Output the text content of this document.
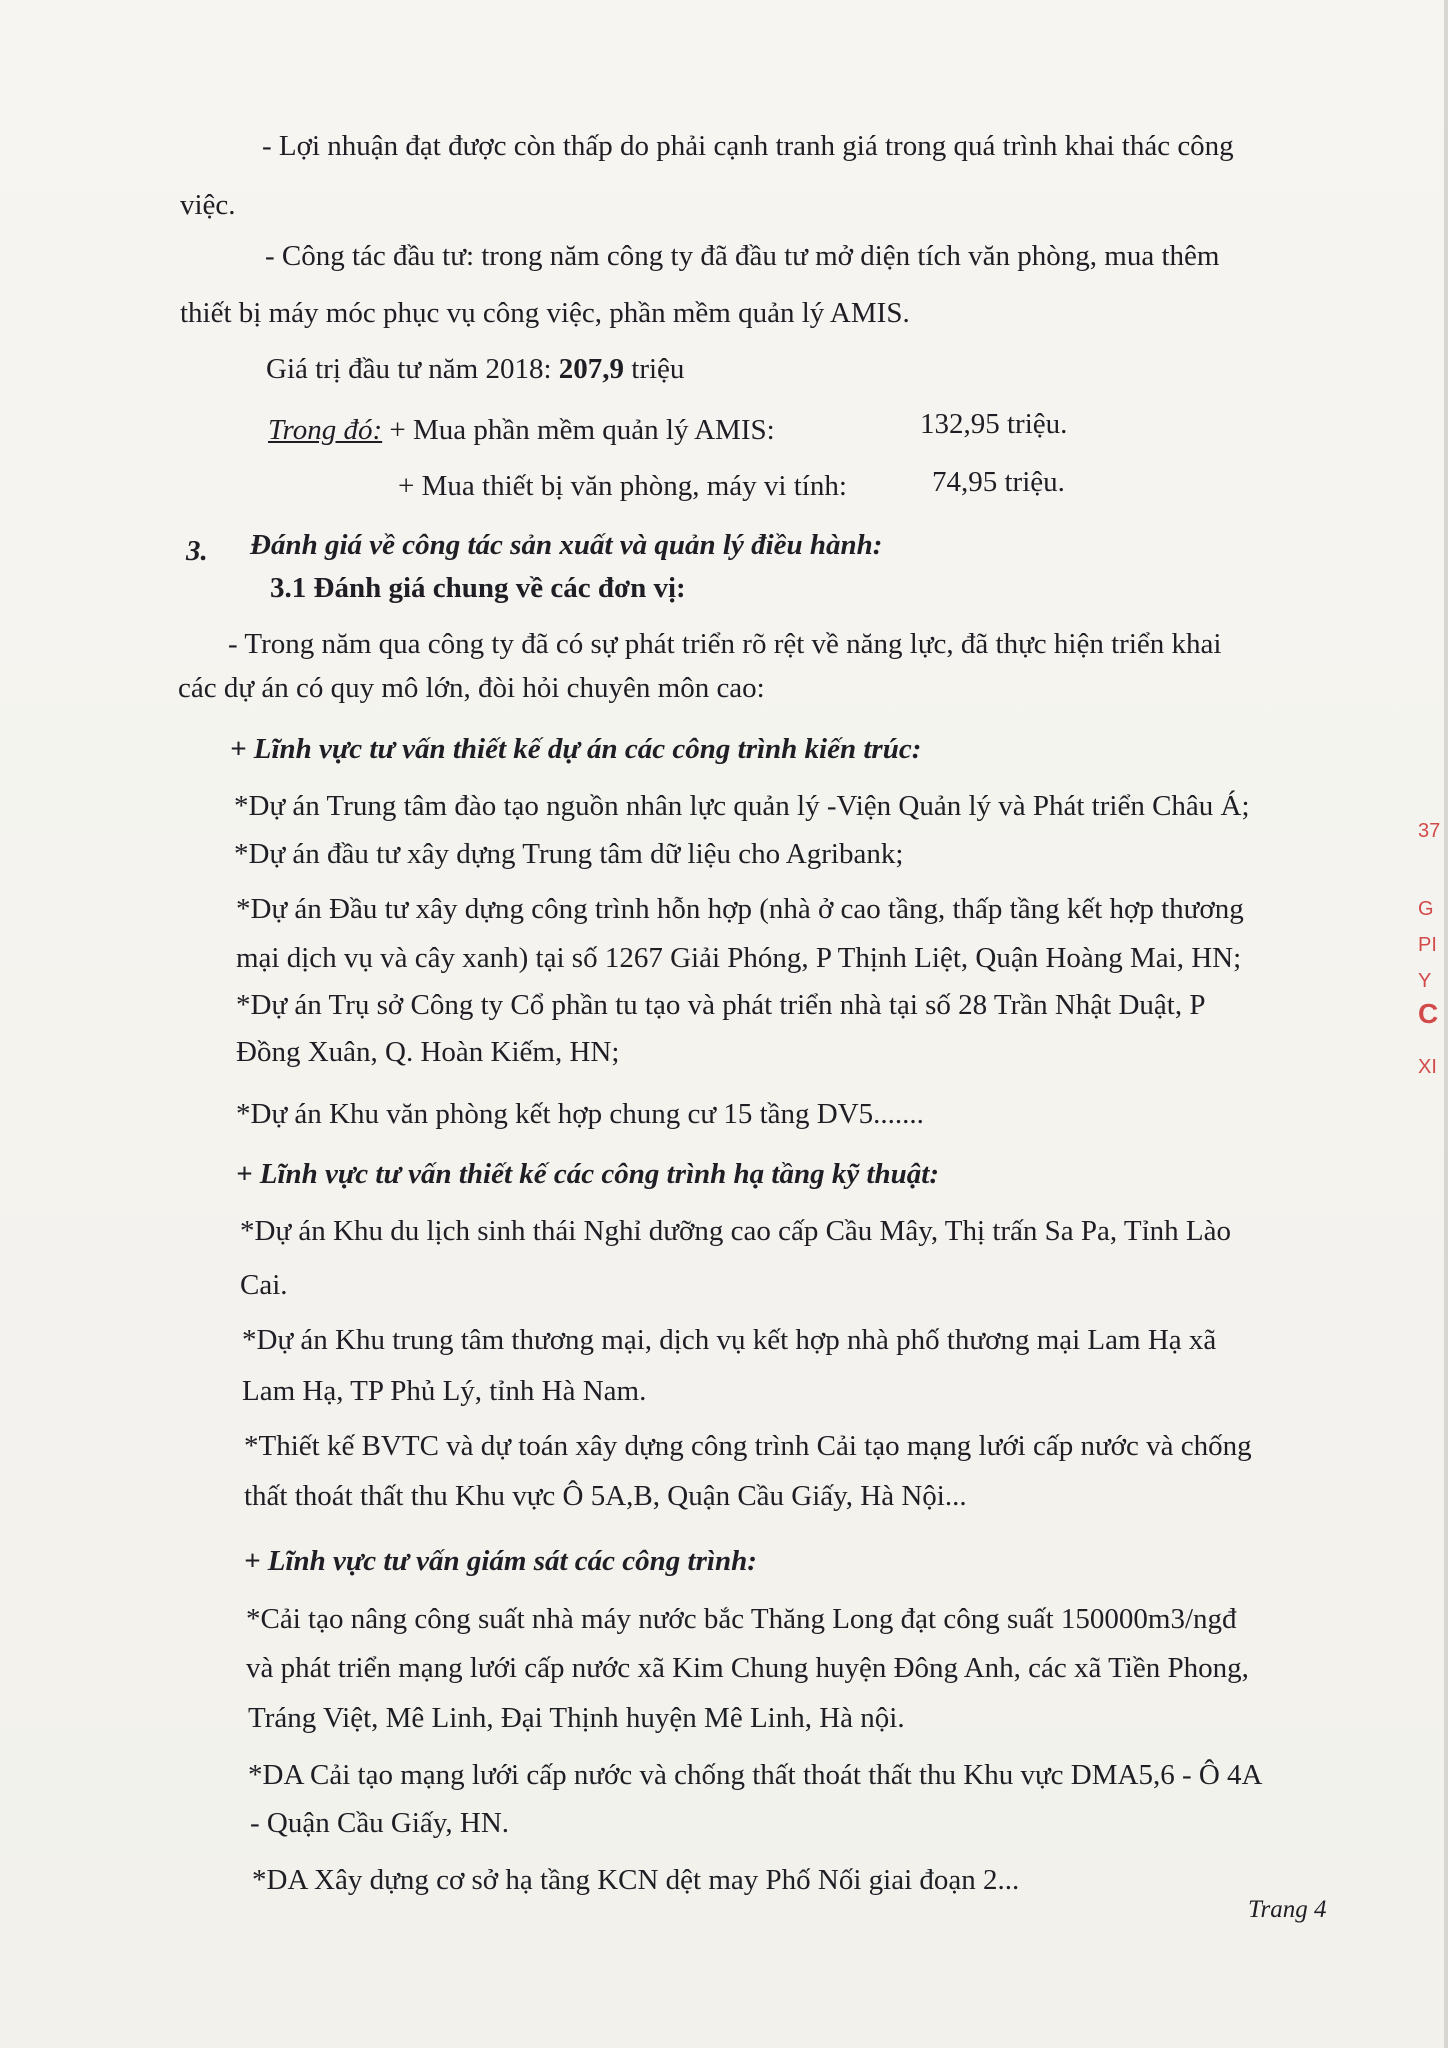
- Lợi nhuận đạt được còn thấp do phải cạnh tranh giá trong quá trình khai thác công
việc.
- Công tác đầu tư: trong năm công ty đã đầu tư mở diện tích văn phòng, mua thêm
thiết bị máy móc phục vụ công việc, phần mềm quản lý AMIS.
Giá trị đầu tư năm 2018: 207,9 triệu
Trong đó: + Mua phần mềm quản lý AMIS:	132,95 triệu.
+ Mua thiết bị văn phòng, máy vi tính:	74,95 triệu.
3. Đánh giá về công tác sản xuất và quản lý điều hành:
3.1 Đánh giá chung về các đơn vị:
- Trong năm qua công ty đã có sự phát triển rõ rệt về năng lực, đã thực hiện triển khai
các dự án có quy mô lớn, đòi hỏi chuyên môn cao:
+ Lĩnh vực tư vấn thiết kế dự án các công trình kiến trúc:
*Dự án Trung tâm đào tạo nguồn nhân lực quản lý -Viện Quản lý và Phát triển Châu Á;
*Dự án đầu tư xây dựng Trung tâm dữ liệu cho Agribank;
*Dự án Đầu tư xây dựng công trình hỗn hợp (nhà ở cao tầng, thấp tầng kết hợp thương
mại dịch vụ và cây xanh) tại số 1267 Giải Phóng, P Thịnh Liệt, Quận Hoàng Mai, HN;
*Dự án Trụ sở Công ty Cổ phần tu tạo và phát triển nhà tại số 28 Trần Nhật Duật, P
Đồng Xuân, Q. Hoàn Kiếm, HN;
*Dự án Khu văn phòng kết hợp chung cư 15 tầng DV5.......
+ Lĩnh vực tư vấn thiết kế các công trình hạ tầng kỹ thuật:
*Dự án Khu du lịch sinh thái Nghỉ dưỡng cao cấp Cầu Mây, Thị trấn Sa Pa, Tỉnh Lào
Cai.
*Dự án Khu trung tâm thương mại, dịch vụ kết hợp nhà phố thương mại Lam Hạ xã
Lam Hạ, TP Phủ Lý, tỉnh Hà Nam.
*Thiết kế BVTC và dự toán xây dựng công trình Cải tạo mạng lưới cấp nước và chống
thất thoát thất thu Khu vực Ô 5A,B, Quận Cầu Giấy, Hà Nội...
+ Lĩnh vực tư vấn giám sát các công trình:
*Cải tạo nâng công suất nhà máy nước bắc Thăng Long đạt công suất 150000m3/ngđ
và phát triển mạng lưới cấp nước xã Kim Chung huyện Đông Anh, các xã Tiền Phong,
Tráng Việt, Mê Linh, Đại Thịnh huyện Mê Linh, Hà nội.
*DA Cải tạo mạng lưới cấp nước và chống thất thoát thất thu Khu vực DMA5,6 - Ô 4A
- Quận Cầu Giấy, HN.
*DA Xây dựng cơ sở hạ tầng KCN dệt may Phố Nối giai đoạn 2...
Trang 4
37
G
PI
Y
C
XI
